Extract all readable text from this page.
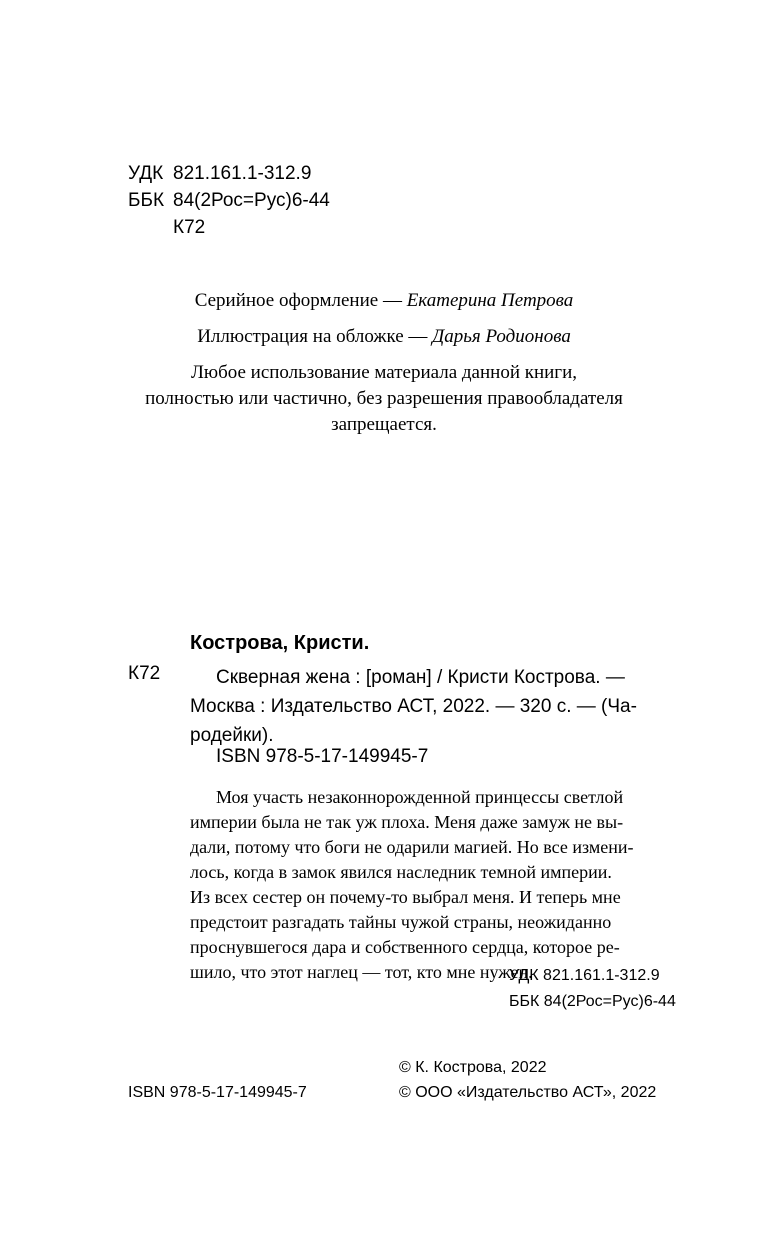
УДК 821.161.1-312.9
ББК 84(2Рос=Рус)6-44
К72
Серийное оформление — Екатерина Петрова
Иллюстрация на обложке — Дарья Родионова
Любое использование материала данной книги,
полностью или частично, без разрешения правообладателя
запрещается.
Кострова, Кристи.
К72	Скверная жена : [роман] / Кристи Кострова. —
Москва : Издательство АСТ, 2022. — 320 с. — (Ча-
родейки).
ISBN 978-5-17-149945-7
Моя участь незаконнорожденной принцессы светлой
империи была не так уж плоха. Меня даже замуж не вы-
дали, потому что боги не одарили магией. Но все измени-
лось, когда в замок явился наследник темной империи.
Из всех сестер он почему-то выбрал меня. И теперь мне
предстоит разгадать тайны чужой страны, неожиданно
проснувшегося дара и собственного сердца, которое ре-
шило, что этот наглец — тот, кто мне нужен.
УДК 821.161.1-312.9
ББК 84(2Рос=Рус)6-44
© К. Кострова, 2022
ISBN 978-5-17-149945-7	© ООО «Издательство АСТ», 2022
